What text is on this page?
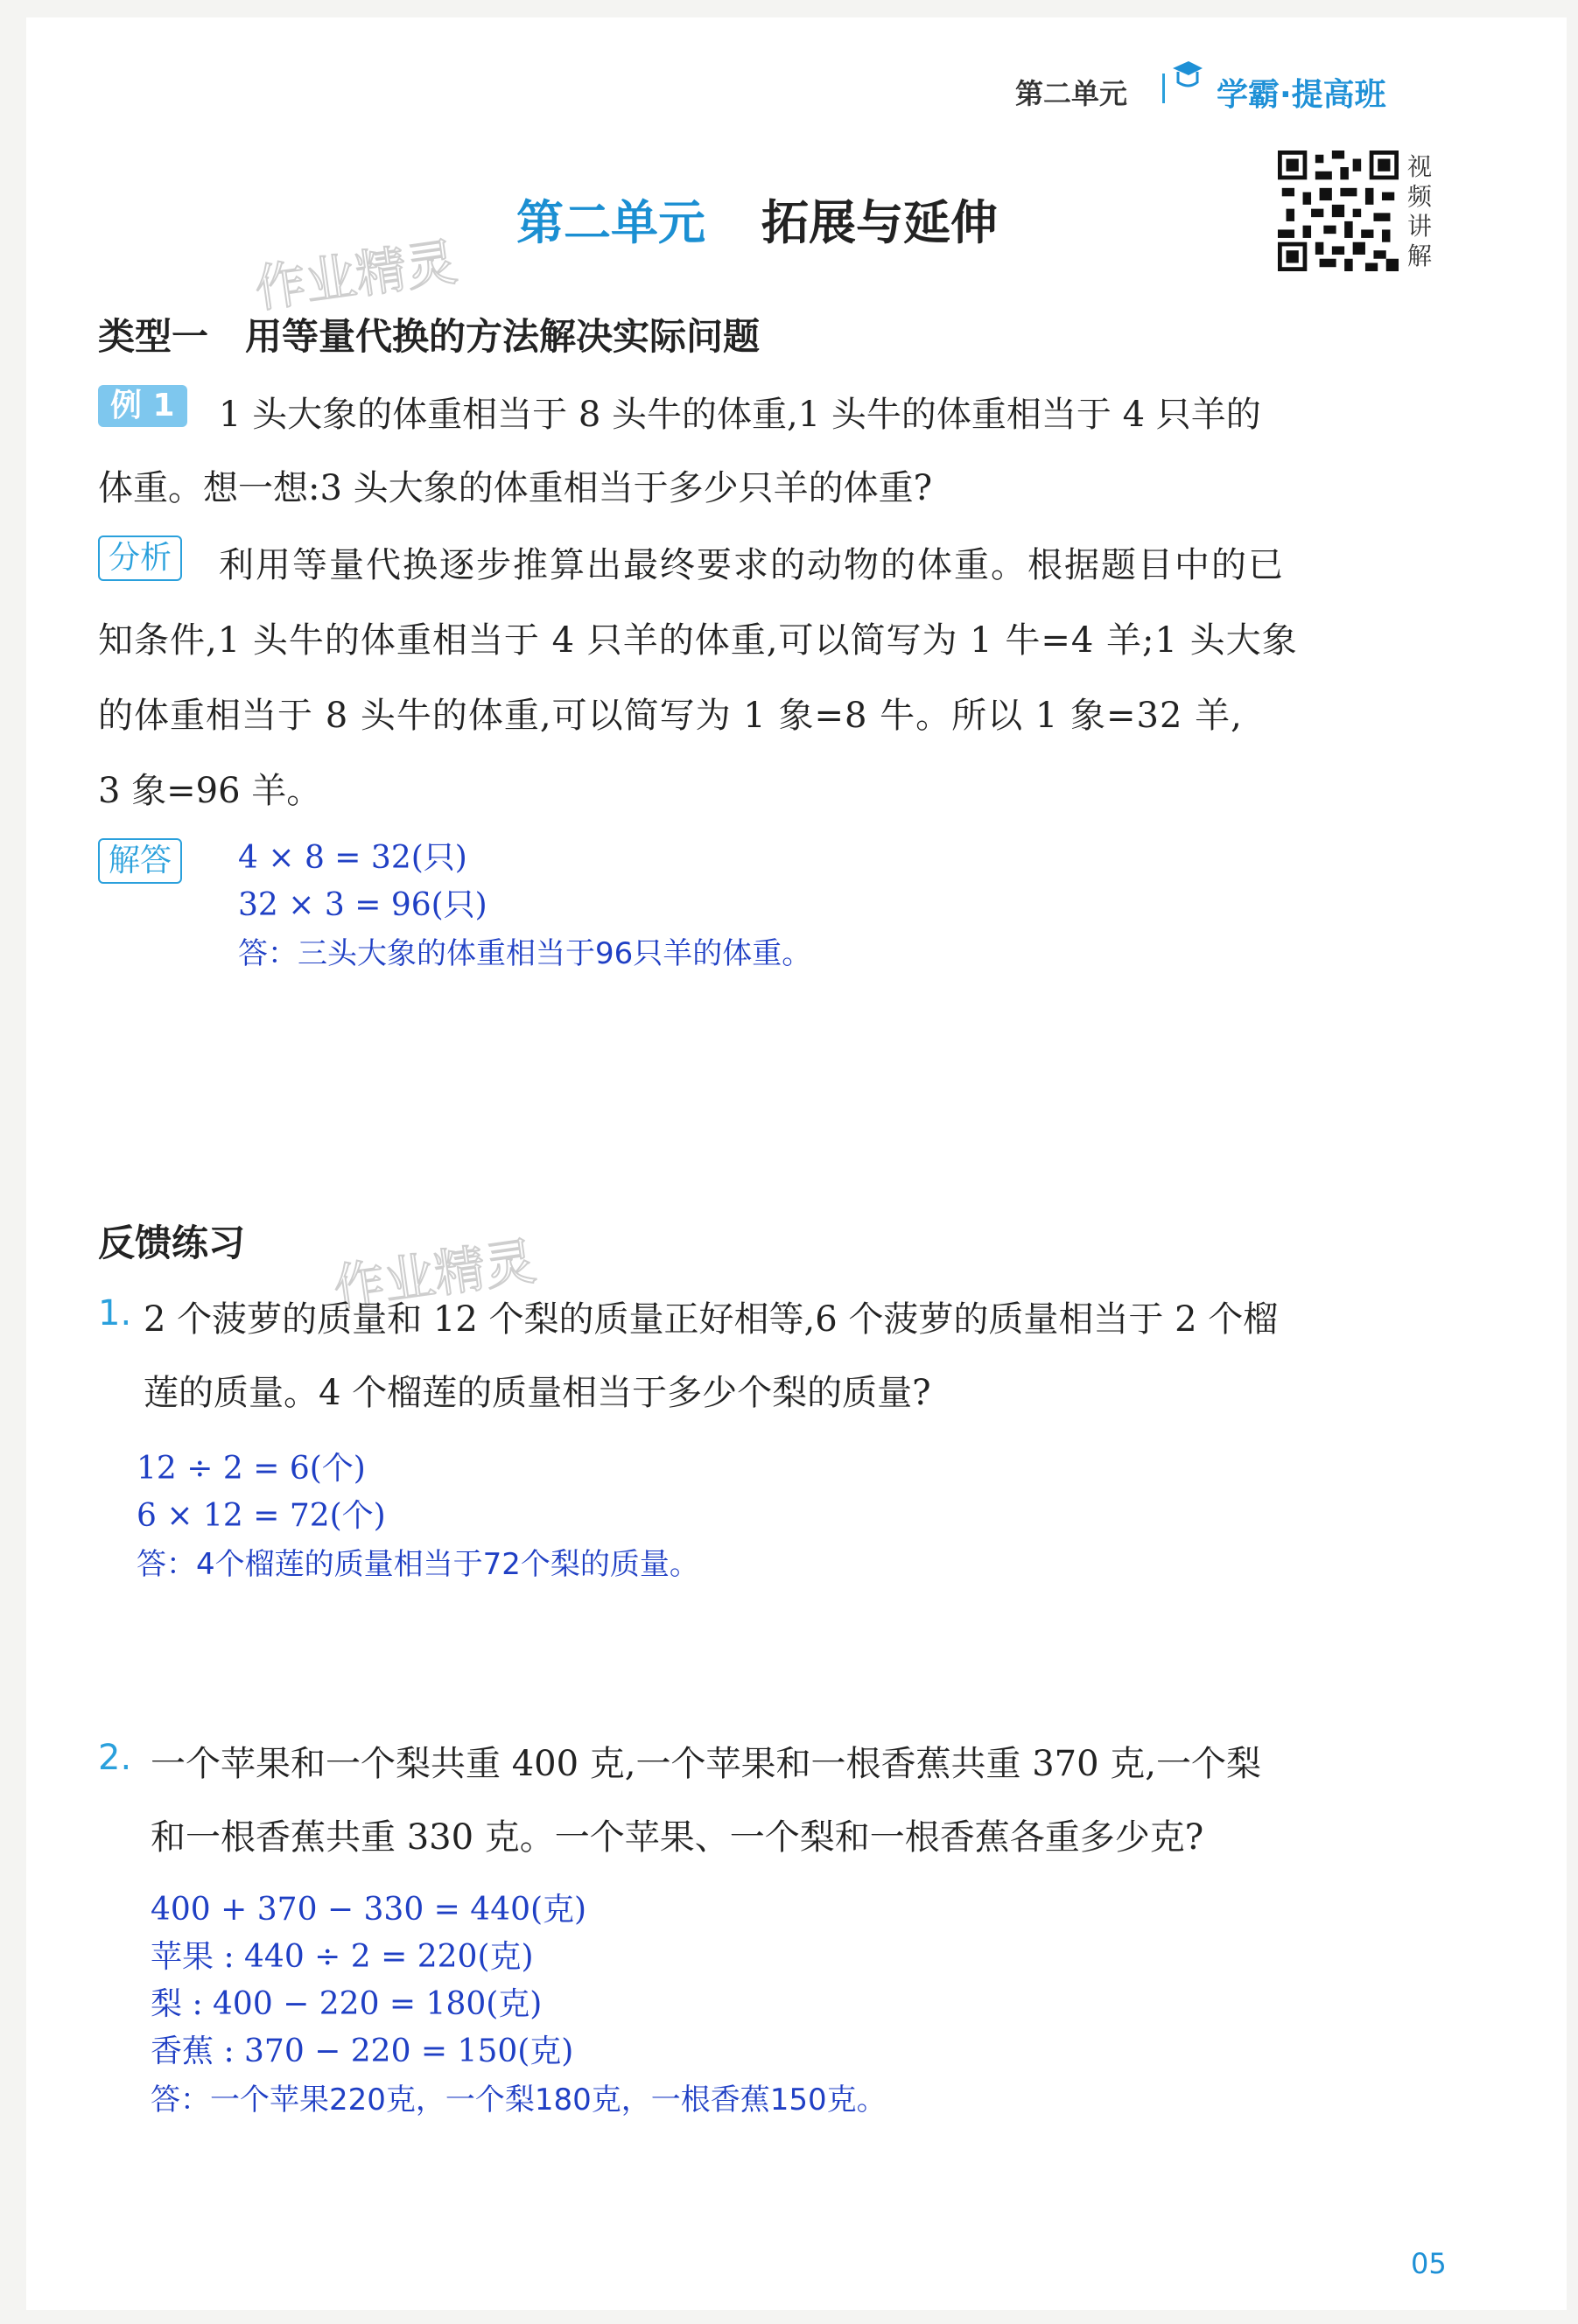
第二单元	学霸·提高班
第二单元 拓展与延伸
视频讲解
作业精灵
作业精灵
类型一　用等量代换的方法解决实际问题
例 1	1 头大象的体重相当于 8 头牛的体重,1 头牛的体重相当于 4 只羊的
体重。想一想:3 头大象的体重相当于多少只羊的体重?
分析	利用等量代换逐步推算出最终要求的动物的体重。根据题目中的已
知条件,1 头牛的体重相当于 4 只羊的体重,可以简写为 1 牛=4 羊;1 头大象
的体重相当于 8 头牛的体重,可以简写为 1 象=8 牛。所以 1 象=32 羊,
3 象=96 羊。
解答	4 × 8 = 32(只)
32 × 3 = 96(只)
答：三头大象的体重相当于96只羊的体重。
反馈练习
1. 2 个菠萝的质量和 12 个梨的质量正好相等,6 个菠萝的质量相当于 2 个榴
莲的质量。4 个榴莲的质量相当于多少个梨的质量?
12 ÷ 2 = 6(个)
6 × 12 = 72(个)
答：4个榴莲的质量相当于72个梨的质量。
2. 一个苹果和一个梨共重 400 克,一个苹果和一根香蕉共重 370 克,一个梨
和一根香蕉共重 330 克。一个苹果、一个梨和一根香蕉各重多少克?
400 + 370 − 330 = 440(克)
苹果 : 440 ÷ 2 = 220(克)
梨 : 400 − 220 = 180(克)
香蕉 : 370 − 220 = 150(克)
答：一个苹果220克，一个梨180克，一根香蕉150克。
05
